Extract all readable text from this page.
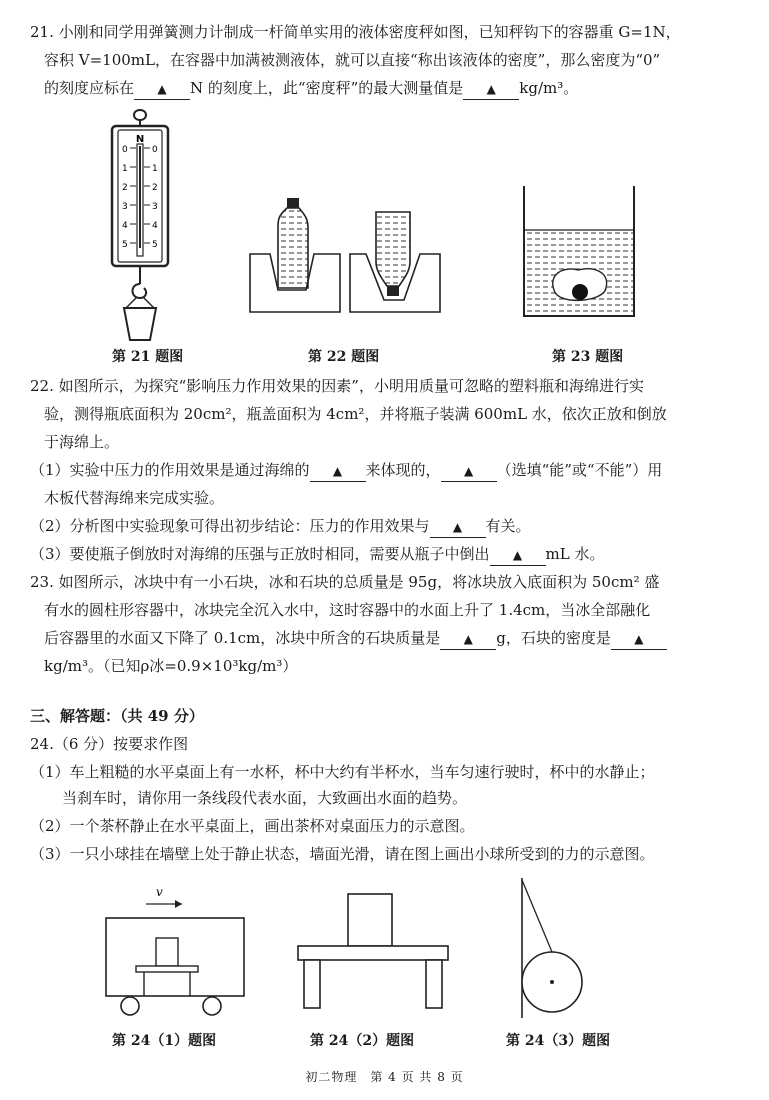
21. 小刚和同学用弹簧测力计制成一杆简单实用的液体密度秤如图，已知秤钩下的容器重 G=1N，
容积 V=100mL，在容器中加满被测液体，就可以直接“称出该液体的密度”，那么密度为“0”
的刻度应标在 ▲ N 的刻度上，此“密度秤”的最大测量值是 ▲ kg/m³。
N
0
1
2
3
4
5
0
1
2
3
4
5
第 21 题图	第 22 题图	第 23 题图
22. 如图所示，为探究“影响压力作用效果的因素”，小明用质量可忽略的塑料瓶和海绵进行实
验，测得瓶底面积为 20cm²，瓶盖面积为 4cm²，并将瓶子装满 600mL 水，依次正放和倒放
于海绵上。
（1）实验中压力的作用效果是通过海绵的 ▲ 来体现的， ▲ （选填“能”或“不能”）用
木板代替海绵来完成实验。
（2）分析图中实验现象可得出初步结论：压力的作用效果与 ▲ 有关。
（3）要使瓶子倒放时对海绵的压强与正放时相同，需要从瓶子中倒出 ▲ mL 水。
23. 如图所示，冰块中有一小石块，冰和石块的总质量是 95g，将冰块放入底面积为 50cm² 盛
有水的圆柱形容器中，冰块完全沉入水中，这时容器中的水面上升了 1.4cm，当冰全部融化
后容器里的水面又下降了 0.1cm，冰块中所含的石块质量是 ▲ g，石块的密度是 ▲
kg/m³。（已知ρ冰=0.9×10³kg/m³）
三、解答题：（共 49 分）
24.（6 分）按要求作图
（1）车上粗糙的水平桌面上有一水杯，杯中大约有半杯水，当车匀速行驶时，杯中的水静止；
当刹车时，请你用一条线段代表水面，大致画出水面的趋势。
（2）一个茶杯静止在水平桌面上，画出茶杯对桌面压力的示意图。
（3）一只小球挂在墙壁上处于静止状态，墙面光滑，请在图上画出小球所受到的力的示意图。
v
第 24（1）题图	第 24（2）题图	第 24（3）题图
初二物理　第 4 页 共 8 页
